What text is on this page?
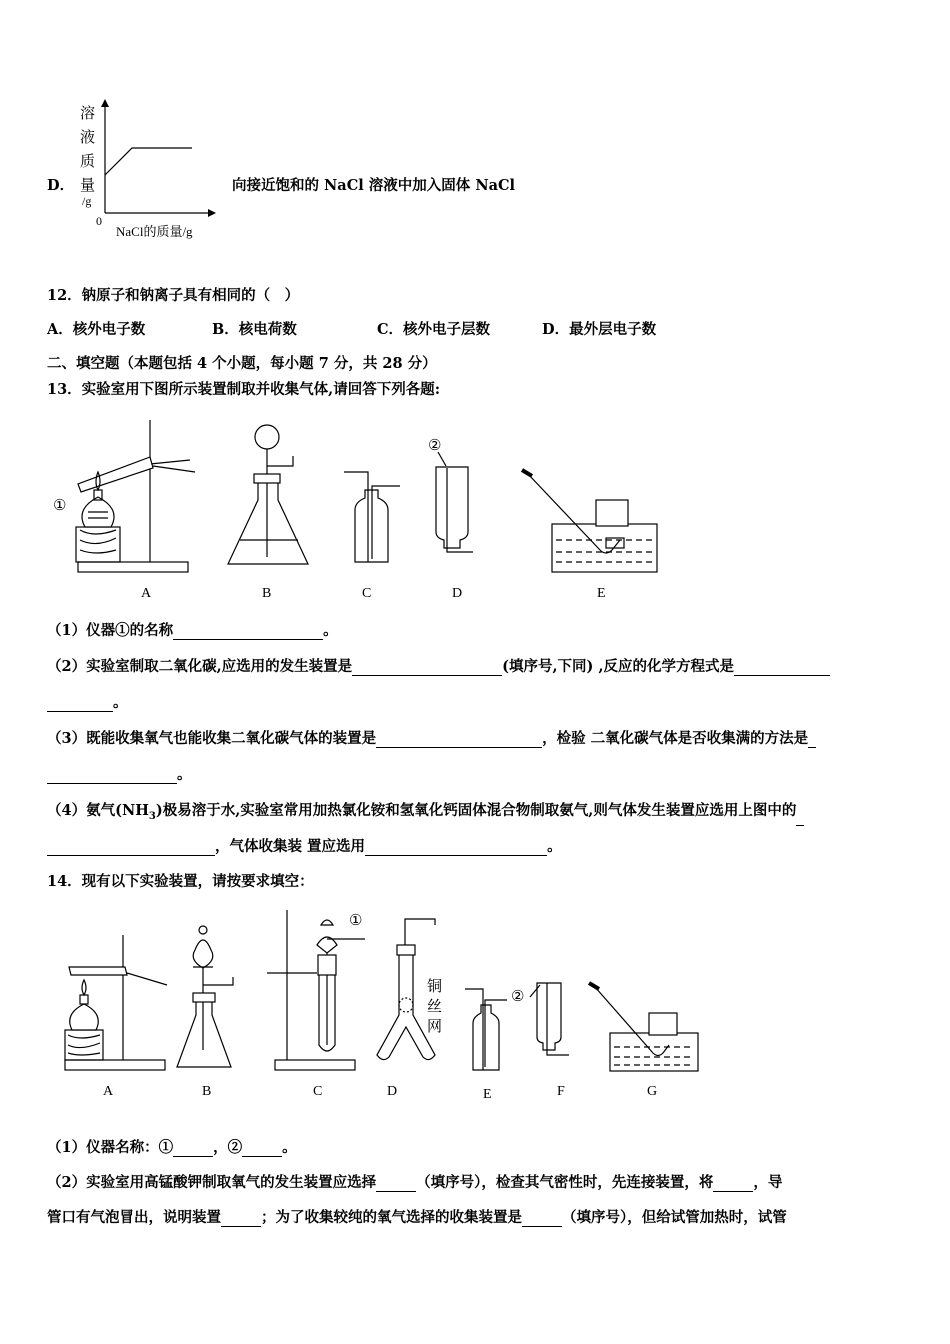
D．
溶
液
质
量
/g
0
NaCl的质量/g
向接近饱和的 NaCl 溶液中加入固体 NaCl
12．钠原子和钠离子具有相同的（　）
A．核外电子数	B．核电荷数	C．核外电子层数	D．最外层电子数
二、填空题（本题包括 4 个小题，每小题 7 分，共 28 分）
13．实验室用下图所示装置制取并收集气体,请回答下列各题:
①
②
A	B	C	D	E
（1）仪器①的名称	。
（2）实验室制取二氧化碳,应选用的发生装置是	(填序号,下同) ,反应的化学方程式是
。
（3）既能收集氧气也能收集二氧化碳气体的装置是	，检验 二氧化碳气体是否收集满的方法是
。
（4）氨气$(NH_3)$极易溶于水,实验室常用加热氯化铵和氢氧化钙固体混合物制取氨气,则气体发生装置应选用上图中的
，气体收集装 置应选用	。
14．现有以下实验装置，请按要求填空：
①
②
铜
丝
网
A	B	C	D	E	F	G
（1）仪器名称：①	，②	。
（2）实验室用高锰酸钾制取氧气的发生装置应选择	（填序号），检查其气密性时，先连接装置，将	，导
管口有气泡冒出，说明装置	；为了收集较纯的氧气选择的收集装置是	（填序号），但给试管加热时，试管
